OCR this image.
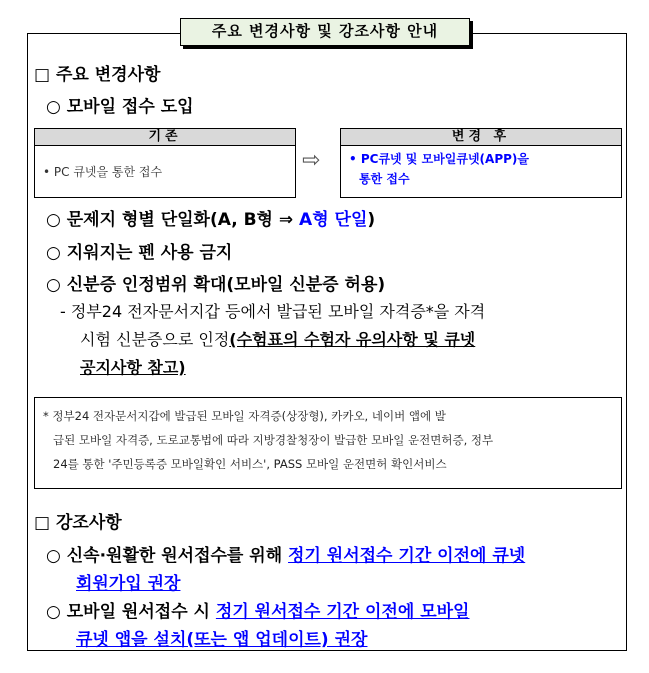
주요 변경사항 및 강조사항 안내
□ 주요 변경사항
○ 모바일 접수 도입
기존
• PC 큐넷을 통한 접수	⇨
변경 후
• PC큐넷 및 모바일큐넷(APP)을
통한 접수
○ 문제지 형별 단일화(A, B형 ⇒ A형 단일)
○ 지워지는 펜 사용 금지
○ 신분증 인정범위 확대(모바일 신분증 허용)
- 정부24 전자문서지갑 등에서 발급된 모바일 자격증*을 자격
시험 신분증으로 인정(수험표의 수험자 유의사항 및 큐넷
공지사항 참고)
* 정부24 전자문서지갑에 발급된 모바일 자격증(상장형), 카카오, 네이버 앱에 발
급된 모바일 자격증, 도로교통법에 따라 지방경찰청장이 발급한 모바일 운전면허증, 정부
24를 통한 '주민등록증 모바일확인 서비스', PASS 모바일 운전면허 확인서비스
□ 강조사항
○ 신속·원활한 원서접수를 위해 정기 원서접수 기간 이전에 큐넷
회원가입 권장
○ 모바일 원서접수 시 정기 원서접수 기간 이전에 모바일
큐넷 앱을 설치(또는 앱 업데이트) 권장
